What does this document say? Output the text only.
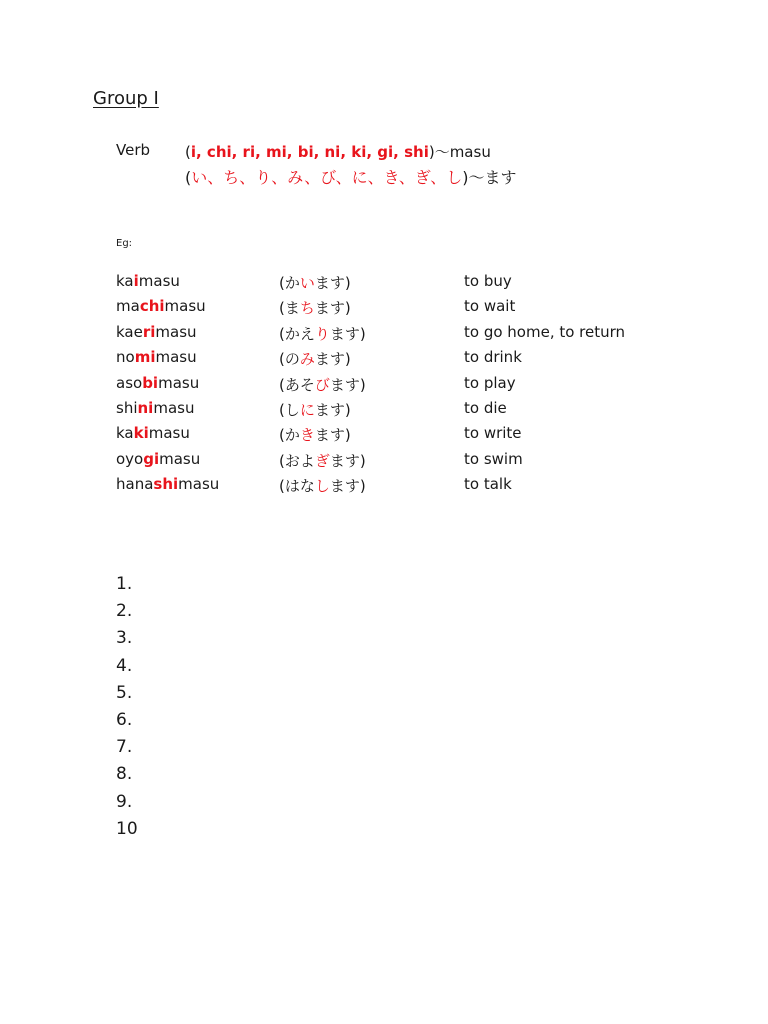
Group I
Verb (i, chi, ri, mi, bi, ni, ki, gi, shi)～masu
(い、ち、り、み、び、に、き、ぎ、し)～ます
Eg:
kaimasu	(かいます)	to buy
machimasu	(まちます)	to wait
kaerimasu	(かえります)	to go home, to return
nomimasu	(のみます)	to drink
asobimasu	(あそびます)	to play
shinimasu	(しにます)	to die
kakimasu	(かきます)	to write
oyogimasu	(およぎます)	to swim
hanashimasu	(はなします)	to talk
1.
2.
3.
4.
5.
6.
7.
8.
9.
10
